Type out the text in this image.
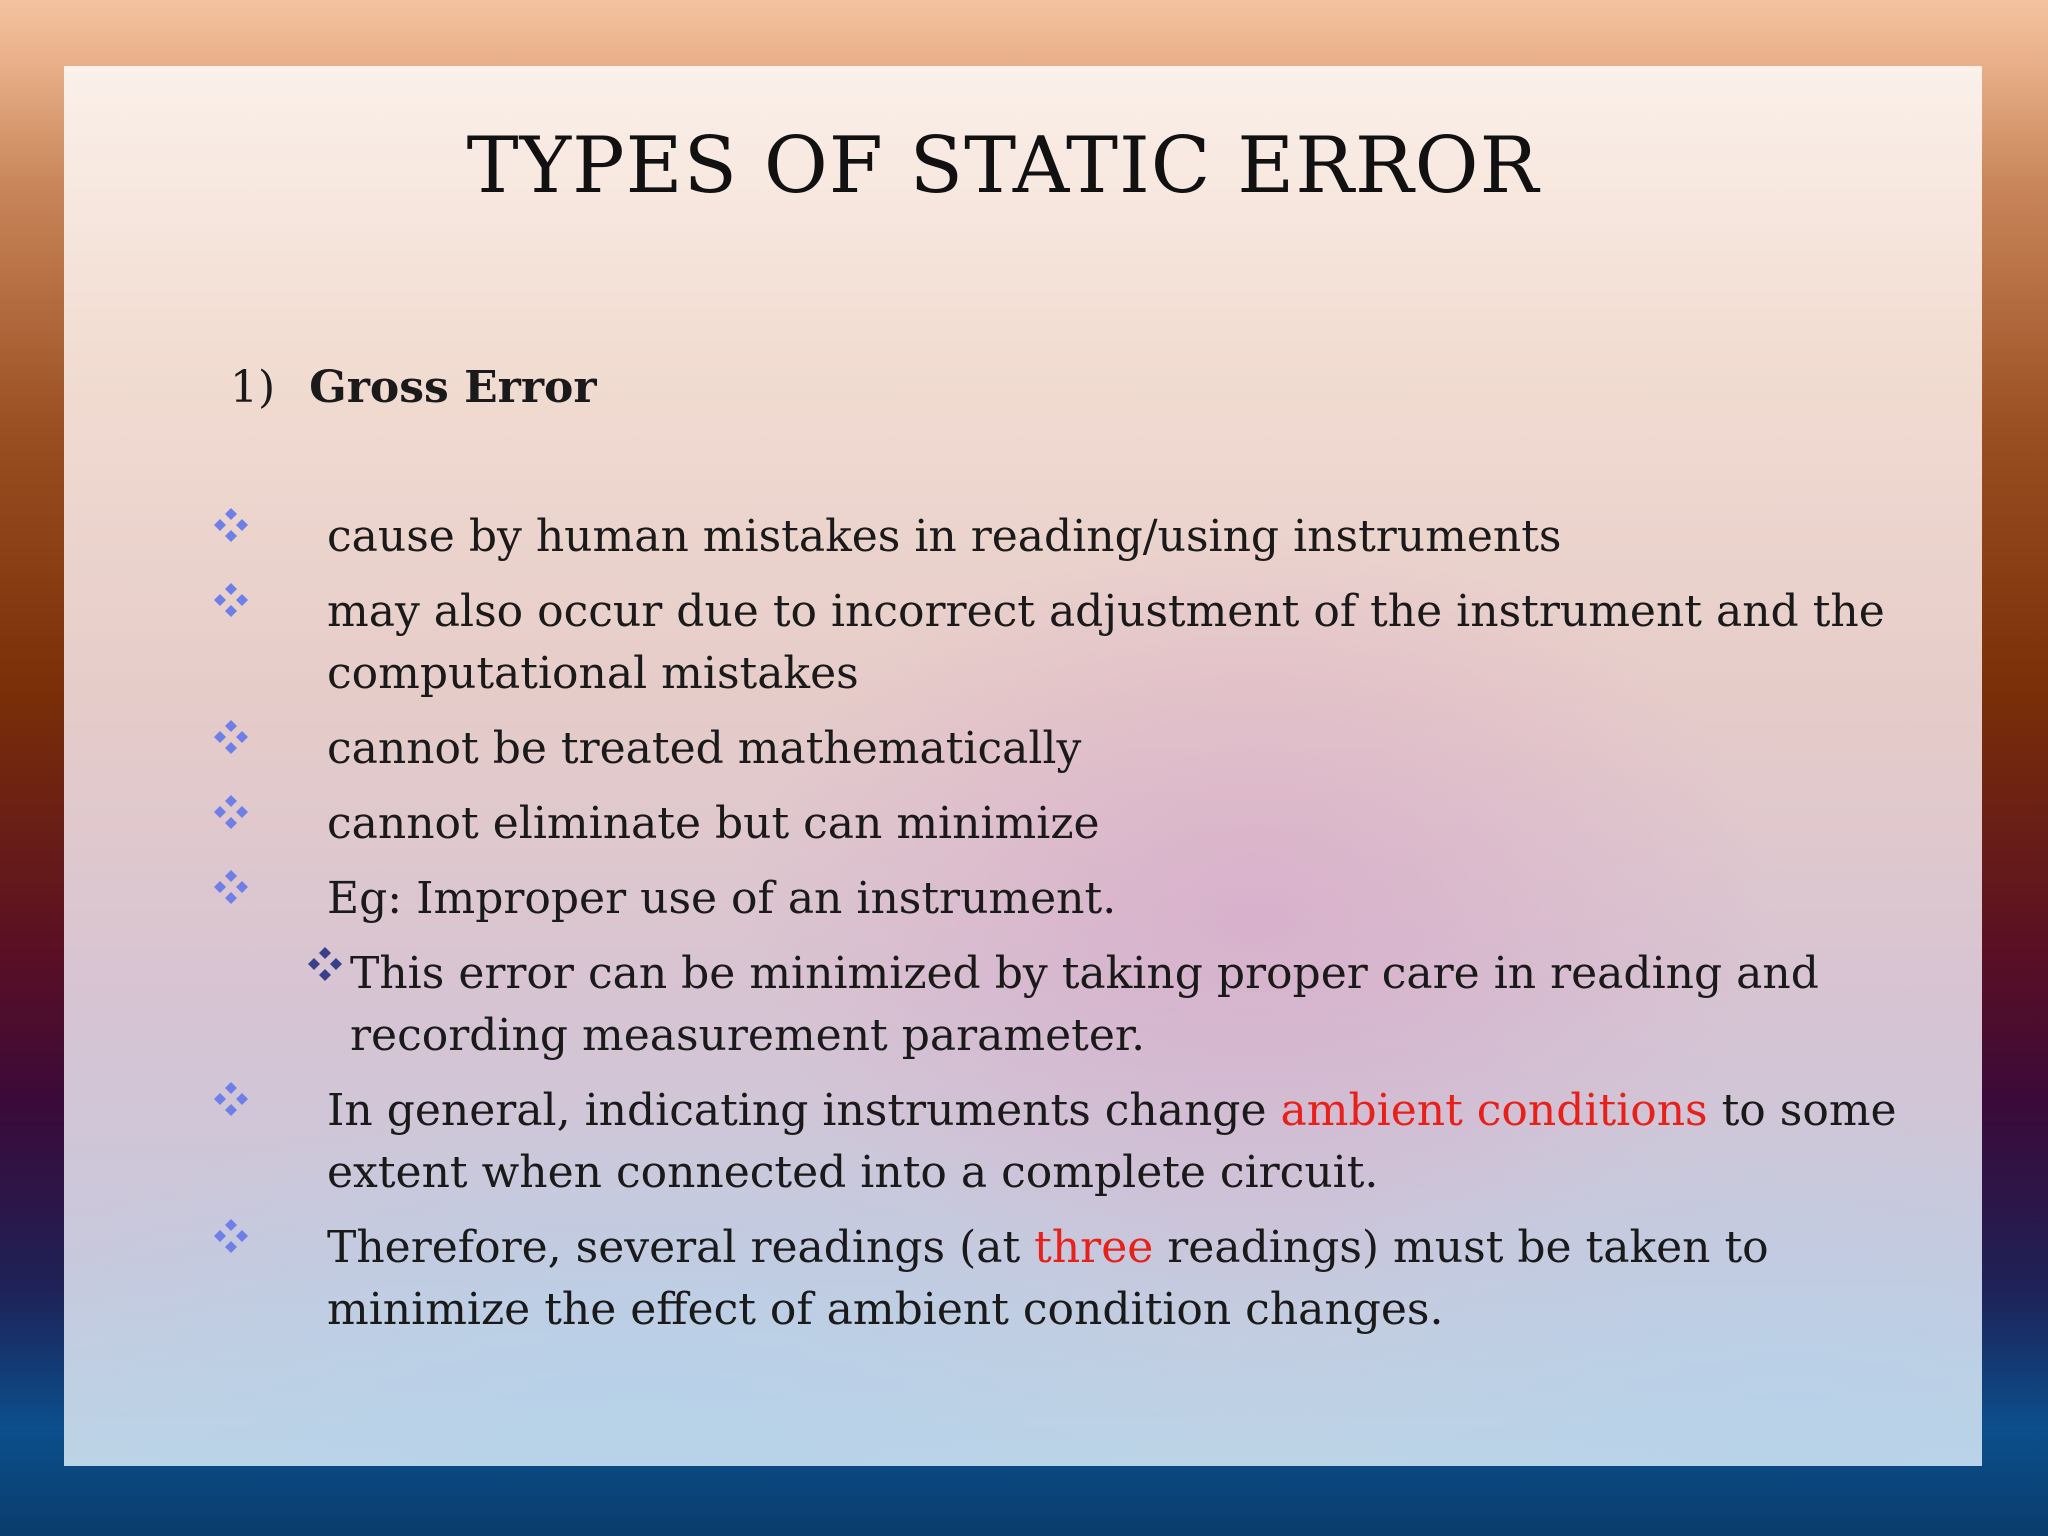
TYPES OF STATIC ERROR
1) Gross Error
cause by human mistakes in reading/using instruments
may also occur due to incorrect adjustment of the instrument and the computational mistakes
cannot be treated mathematically
cannot eliminate but can minimize
Eg: Improper use of an instrument.
This error can be minimized by taking proper care in reading and recording measurement parameter.
In general, indicating instruments change ambient conditions to some extent when connected into a complete circuit.
Therefore, several readings (at three readings) must be taken to minimize the effect of ambient condition changes.
